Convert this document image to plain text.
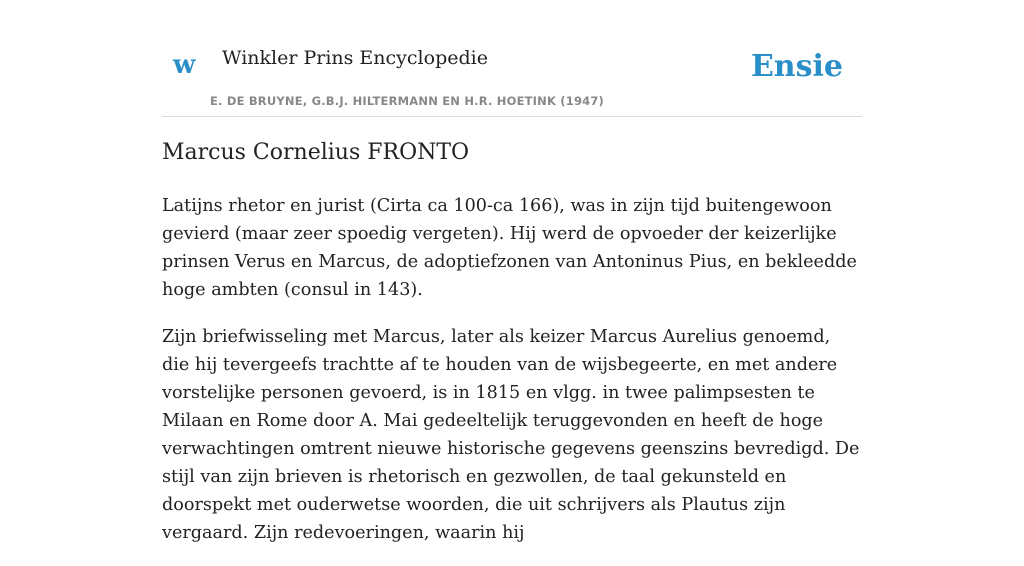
w Winkler Prins Encyclopedie
E. DE BRUYNE, G.B.J. HILTERMANN EN H.R. HOETINK (1947)
Ensie
Marcus Cornelius FRONTO

Latijns rhetor en jurist (Cirta ca 100-ca 166), was in zijn tijd buitengewoon gevierd (maar zeer spoedig vergeten). Hij werd de opvoeder der keizerlijke prinsen Verus en Marcus, de adoptiefzonen van Antoninus Pius, en bekleedde hoge ambten (consul in 143).

Zijn briefwisseling met Marcus, later als keizer Marcus Aurelius genoemd, die hij tevergeefs trachtte af te houden van de wijsbegeerte, en met andere vorstelijke personen gevoerd, is in 1815 en vlgg. in twee palimpsesten te Milaan en Rome door A. Mai gedeeltelijk teruggevonden en heeft de hoge verwachtingen omtrent nieuwe historische gegevens geenszins bevredigd. De stijl van zijn brieven is rhetorisch en gezwollen, de taal gekunsteld en doorspekt met ouderwetse woorden, die uit schrijvers als Plautus zijn vergaard. Zijn redevoeringen, waarin hij
